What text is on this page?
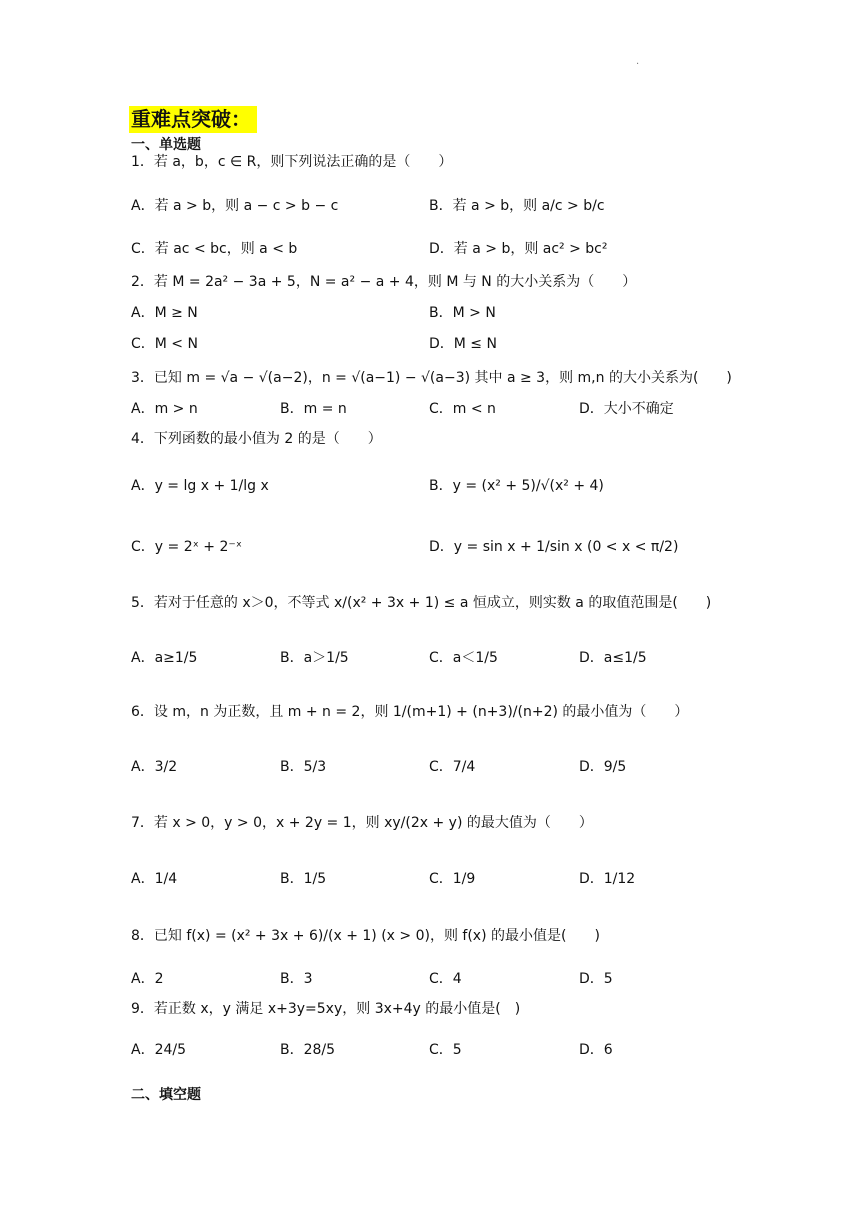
.
重难点突破：
一、单选题
1．若 a，b，c ∈ R，则下列说法正确的是（　　）
A．若 a > b，则 a − c > b − c	B．若 a > b，则 a/c > b/c
C．若 ac < bc，则 a < b	D．若 a > b，则 ac² > bc²
2．若 M = 2a² − 3a + 5，N = a² − a + 4，则 M 与 N 的大小关系为（　　）
A．M ≥ N	B．M > N
C．M < N	D．M ≤ N
3．已知 m = √a − √(a−2)，n = √(a−1) − √(a−3) 其中 a ≥ 3，则 m,n 的大小关系为(　　)
A．m > n	B．m = n	C．m < n	D．大小不确定
4．下列函数的最小值为 2 的是（　　）
A．y = lg x + 1/lg x	B．y = (x² + 5)/√(x² + 4)
C．y = 2ˣ + 2⁻ˣ	D．y = sin x + 1/sin x (0 < x < π/2)
5．若对于任意的 x＞0，不等式 x/(x² + 3x + 1) ≤ a 恒成立，则实数 a 的取值范围是(　　)
A．a≥1/5	B．a＞1/5	C．a＜1/5	D．a≤1/5
6．设 m，n 为正数，且 m + n = 2，则 1/(m+1) + (n+3)/(n+2) 的最小值为（　　）
A．3/2	B．5/3	C．7/4	D．9/5
7．若 x > 0，y > 0，x + 2y = 1，则 xy/(2x + y) 的最大值为（　　）
A．1/4	B．1/5	C．1/9	D．1/12
8．已知 f(x) = (x² + 3x + 6)/(x + 1) (x > 0)，则 f(x) 的最小值是(　　)
A．2	B．3	C．4	D．5
9．若正数 x，y 满足 x+3y=5xy，则 3x+4y 的最小值是(　)
A．24/5	B．28/5	C．5	D．6
二、填空题
